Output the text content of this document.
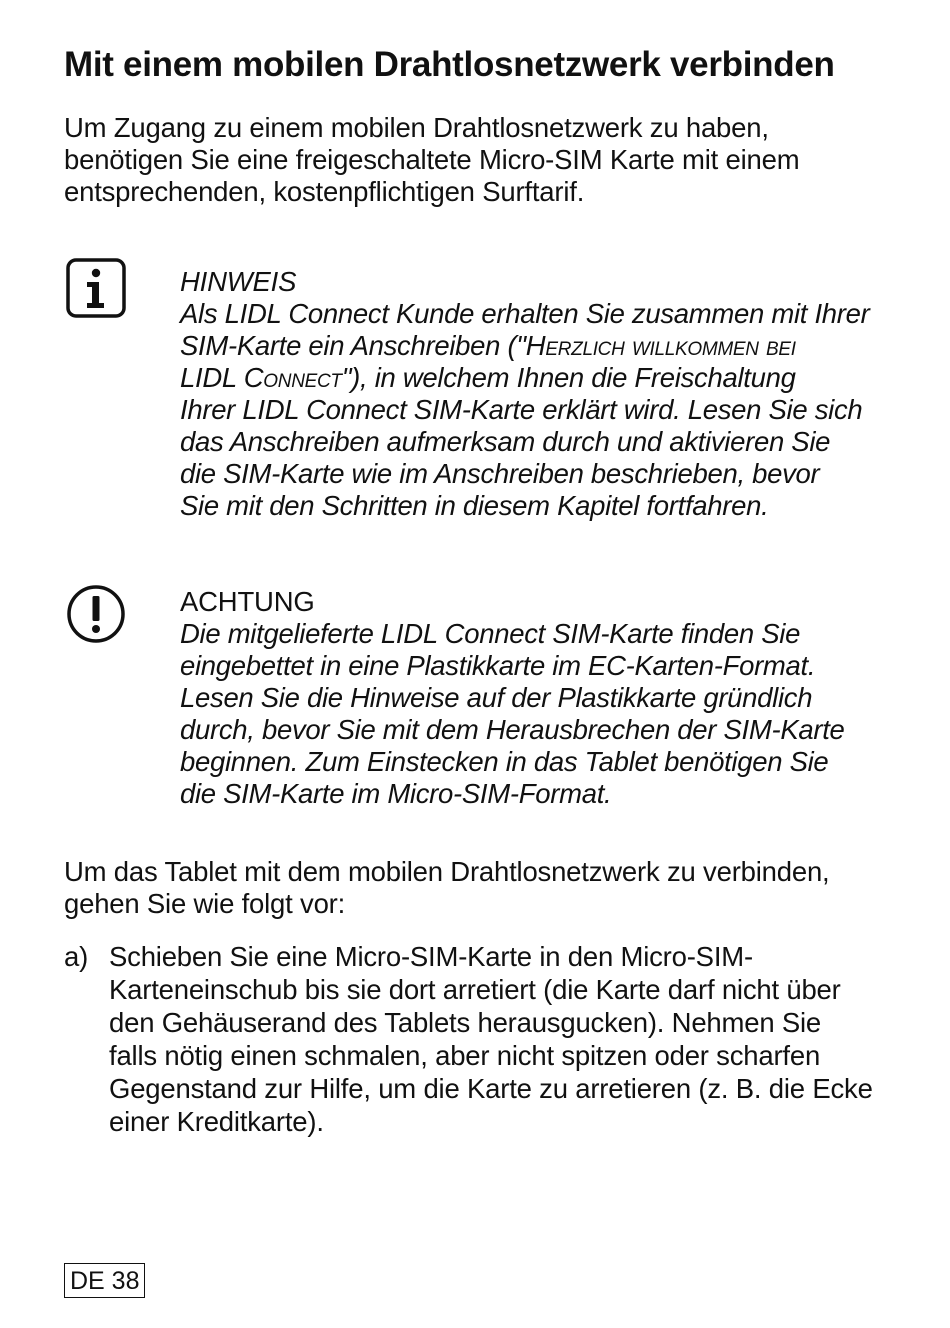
Mit einem mobilen Drahtlosnetzwerk verbinden
Um Zugang zu einem mobilen Drahtlosnetzwerk zu haben,
benötigen Sie eine freigeschaltete Micro-SIM Karte mit einem
entsprechenden, kostenpflichtigen Surftarif.
HINWEIS
Als LIDL Connect Kunde erhalten Sie zusammen mit Ihrer
SIM-Karte ein Anschreiben ("Herzlich willkommen bei
LIDL Connect"), in welchem Ihnen die Freischaltung
Ihrer LIDL Connect SIM-Karte erklärt wird. Lesen Sie sich
das Anschreiben aufmerksam durch und aktivieren Sie
die SIM-Karte wie im Anschreiben beschrieben, bevor
Sie mit den Schritten in diesem Kapitel fortfahren.
ACHTUNG
Die mitgelieferte LIDL Connect SIM-Karte finden Sie
eingebettet in eine Plastikkarte im EC-Karten-Format.
Lesen Sie die Hinweise auf der Plastikkarte gründlich
durch, bevor Sie mit dem Herausbrechen der SIM-Karte
beginnen. Zum Einstecken in das Tablet benötigen Sie
die SIM-Karte im Micro-SIM-Format.
Um das Tablet mit dem mobilen Drahtlosnetzwerk zu verbinden,
gehen Sie wie folgt vor:
a) Schieben Sie eine Micro-SIM-Karte in den Micro-SIM-
Karteneinschub bis sie dort arretiert (die Karte darf nicht über
den Gehäuserand des Tablets herausgucken). Nehmen Sie
falls nötig einen schmalen, aber nicht spitzen oder scharfen
Gegenstand zur Hilfe, um die Karte zu arretieren (z. B. die Ecke
einer Kreditkarte).
DE 38
